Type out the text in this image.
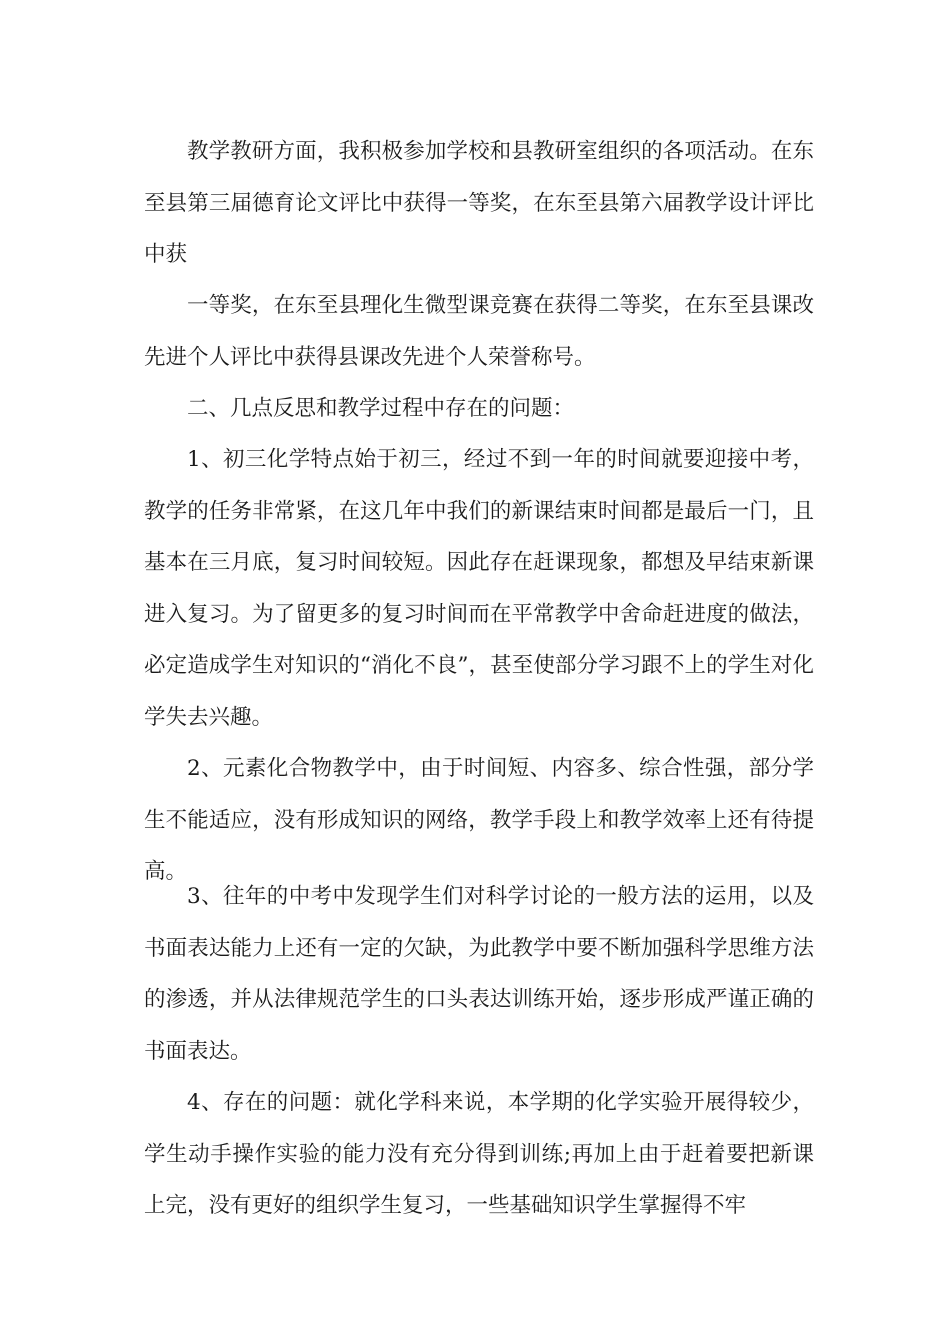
教学教研方面，我积极参加学校和县教研室组织的各项活动。在东至县第三届德育论文评比中获得一等奖，在东至县第六届教学设计评比中获

一等奖，在东至县理化生微型课竞赛在获得二等奖，在东至县课改先进个人评比中获得县课改先进个人荣誉称号。

二、几点反思和教学过程中存在的问题：

1、初三化学特点始于初三，经过不到一年的时间就要迎接中考，教学的任务非常紧，在这几年中我们的新课结束时间都是最后一门，且基本在三月底，复习时间较短。因此存在赶课现象，都想及早结束新课进入复习。为了留更多的复习时间而在平常教学中舍命赶进度的做法，必定造成学生对知识的“消化不良”，甚至使部分学习跟不上的学生对化学失去兴趣。

2、元素化合物教学中，由于时间短、内容多、综合性强，部分学生不能适应，没有形成知识的网络，教学手段上和教学效率上还有待提高。

3、往年的中考中发现学生们对科学讨论的一般方法的运用，以及书面表达能力上还有一定的欠缺，为此教学中要不断加强科学思维方法的渗透，并从法律规范学生的口头表达训练开始，逐步形成严谨正确的书面表达。

4、存在的问题：就化学科来说，本学期的化学实验开展得较少，学生动手操作实验的能力没有充分得到训练;再加上由于赶着要把新课上完，没有更好的组织学生复习，一些基础知识学生掌握得不牢
